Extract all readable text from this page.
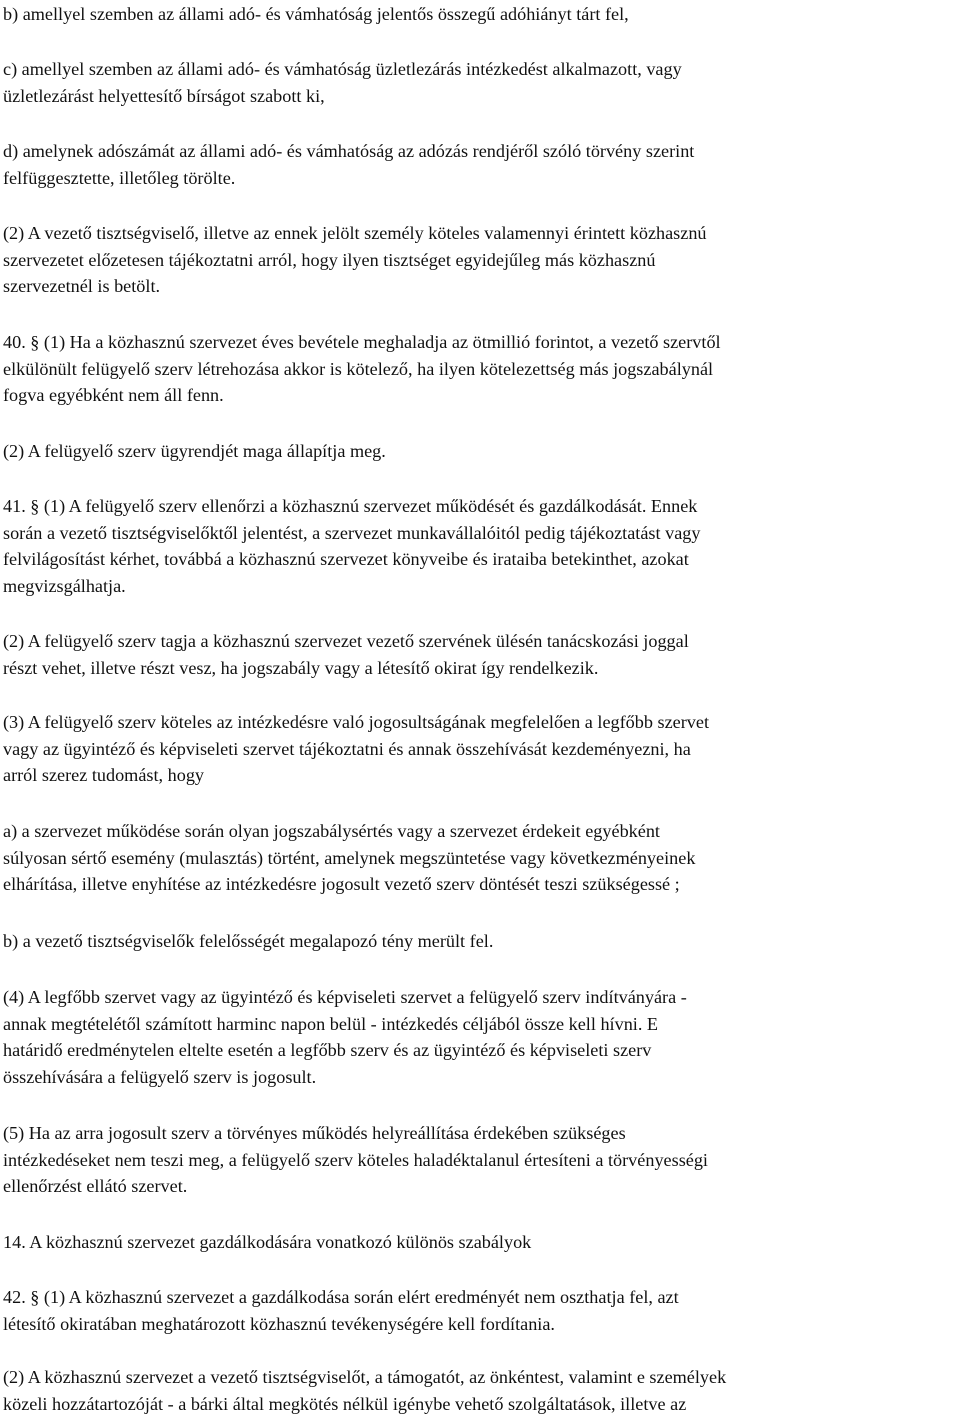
b) amellyel szemben az állami adó- és vámhatóság jelentős összegű adóhiányt tárt fel,

c) amellyel szemben az állami adó- és vámhatóság üzletlezárás intézkedést alkalmazott, vagy
üzletlezárást helyettesítő bírságot szabott ki,

d) amelynek adószámát az állami adó- és vámhatóság az adózás rendjéről szóló törvény szerint
felfüggesztette, illetőleg törölte.

(2) A vezető tisztségviselő, illetve az ennek jelölt személy köteles valamennyi érintett közhasznú
szervezetet előzetesen tájékoztatni arról, hogy ilyen tisztséget egyidejűleg más közhasznú
szervezetnél is betölt.

40. § (1) Ha a közhasznú szervezet éves bevétele meghaladja az ötmillió forintot, a vezető szervtől
elkülönült felügyelő szerv létrehozása akkor is kötelező, ha ilyen kötelezettség más jogszabálynál
fogva egyébként nem áll fenn.

(2) A felügyelő szerv ügyrendjét maga állapítja meg.

41. § (1) A felügyelő szerv ellenőrzi a közhasznú szervezet működését és gazdálkodását. Ennek
során a vezető tisztségviselőktől jelentést, a szervezet munkavállalóitól pedig tájékoztatást vagy
felvilágosítást kérhet, továbbá a közhasznú szervezet könyveibe és irataiba betekinthet, azokat
megvizsgálhatja.

(2) A felügyelő szerv tagja a közhasznú szervezet vezető szervének ülésén tanácskozási joggal
részt vehet, illetve részt vesz, ha jogszabály vagy a létesítő okirat így rendelkezik.

(3) A felügyelő szerv köteles az intézkedésre való jogosultságának megfelelően a legfőbb szervet
vagy az ügyintéző és képviseleti szervet tájékoztatni és annak összehívását kezdeményezni, ha
arról szerez tudomást, hogy

a) a szervezet működése során olyan jogszabálysértés vagy a szervezet érdekeit egyébként
súlyosan sértő esemény (mulasztás) történt, amelynek megszüntetése vagy következményeinek
elhárítása, illetve enyhítése az intézkedésre jogosult vezető szerv döntését teszi szükségessé ;

b) a vezető tisztségviselők felelősségét megalapozó tény merült fel.

(4) A legfőbb szervet vagy az ügyintéző és képviseleti szervet a felügyelő szerv indítványára -
annak megtételétől számított harminc napon belül - intézkedés céljából össze kell hívni. E
határidő eredménytelen eltelte esetén a legfőbb szerv és az ügyintéző és képviseleti szerv
összehívására a felügyelő szerv is jogosult.

(5) Ha az arra jogosult szerv a törvényes működés helyreállítása érdekében szükséges
intézkedéseket nem teszi meg, a felügyelő szerv köteles haladéktalanul értesíteni a törvényességi
ellenőrzést ellátó szervet.

14. A közhasznú szervezet gazdálkodására vonatkozó különös szabályok

42. § (1) A közhasznú szervezet a gazdálkodása során elért eredményét nem oszthatja fel, azt
létesítő okiratában meghatározott közhasznú tevékenységére kell fordítania.

(2) A közhasznú szervezet a vezető tisztségviselőt, a támogatót, az önkéntest, valamint e személyek
közeli hozzátartozóját - a bárki által megkötés nélkül igénybe vehető szolgáltatások, illetve az
